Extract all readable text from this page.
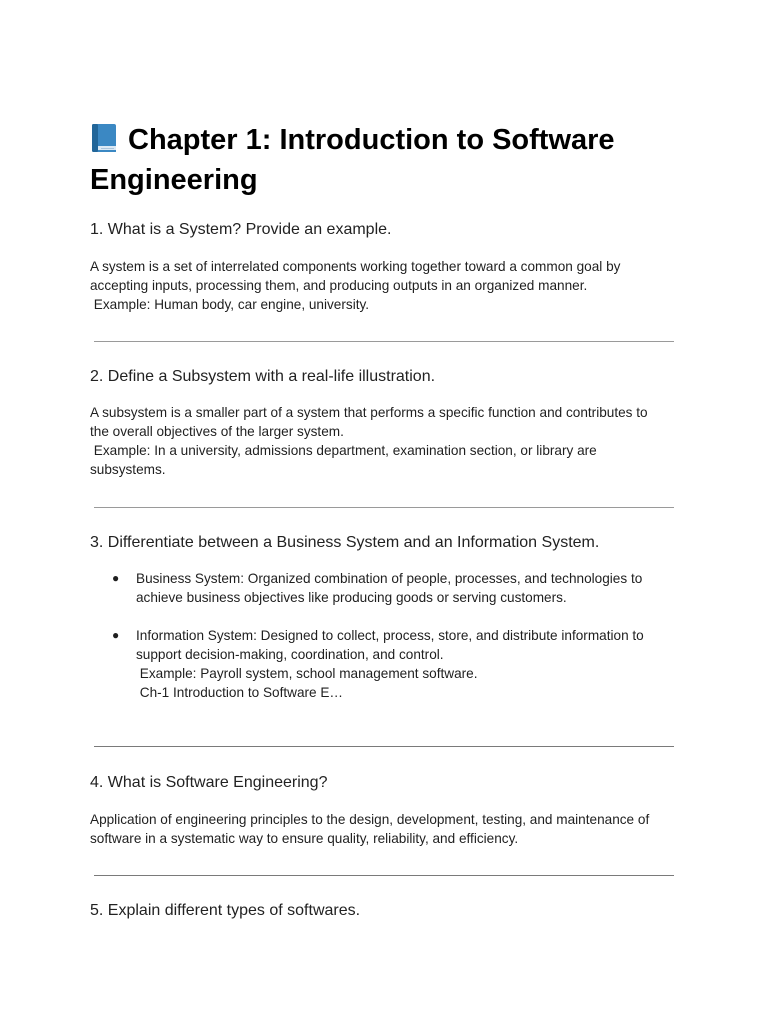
Chapter 1: Introduction to Software Engineering

1. What is a System? Provide an example.

A system is a set of interrelated components working together toward a common goal by
accepting inputs, processing them, and producing outputs in an organized manner.
Example: Human body, car engine, university.

2. Define a Subsystem with a real-life illustration.

A subsystem is a smaller part of a system that performs a specific function and contributes to
the overall objectives of the larger system.
Example: In a university, admissions department, examination section, or library are
subsystems.

3. Differentiate between a Business System and an Information System.

● Business System: Organized combination of people, processes, and technologies to
achieve business objectives like producing goods or serving customers.
● Information System: Designed to collect, process, store, and distribute information to
support decision-making, coordination, and control.
Example: Payroll system, school management software.
Ch-1 Introduction to Software E…

4. What is Software Engineering?

Application of engineering principles to the design, development, testing, and maintenance of
software in a systematic way to ensure quality, reliability, and efficiency.

5. Explain different types of softwares.
